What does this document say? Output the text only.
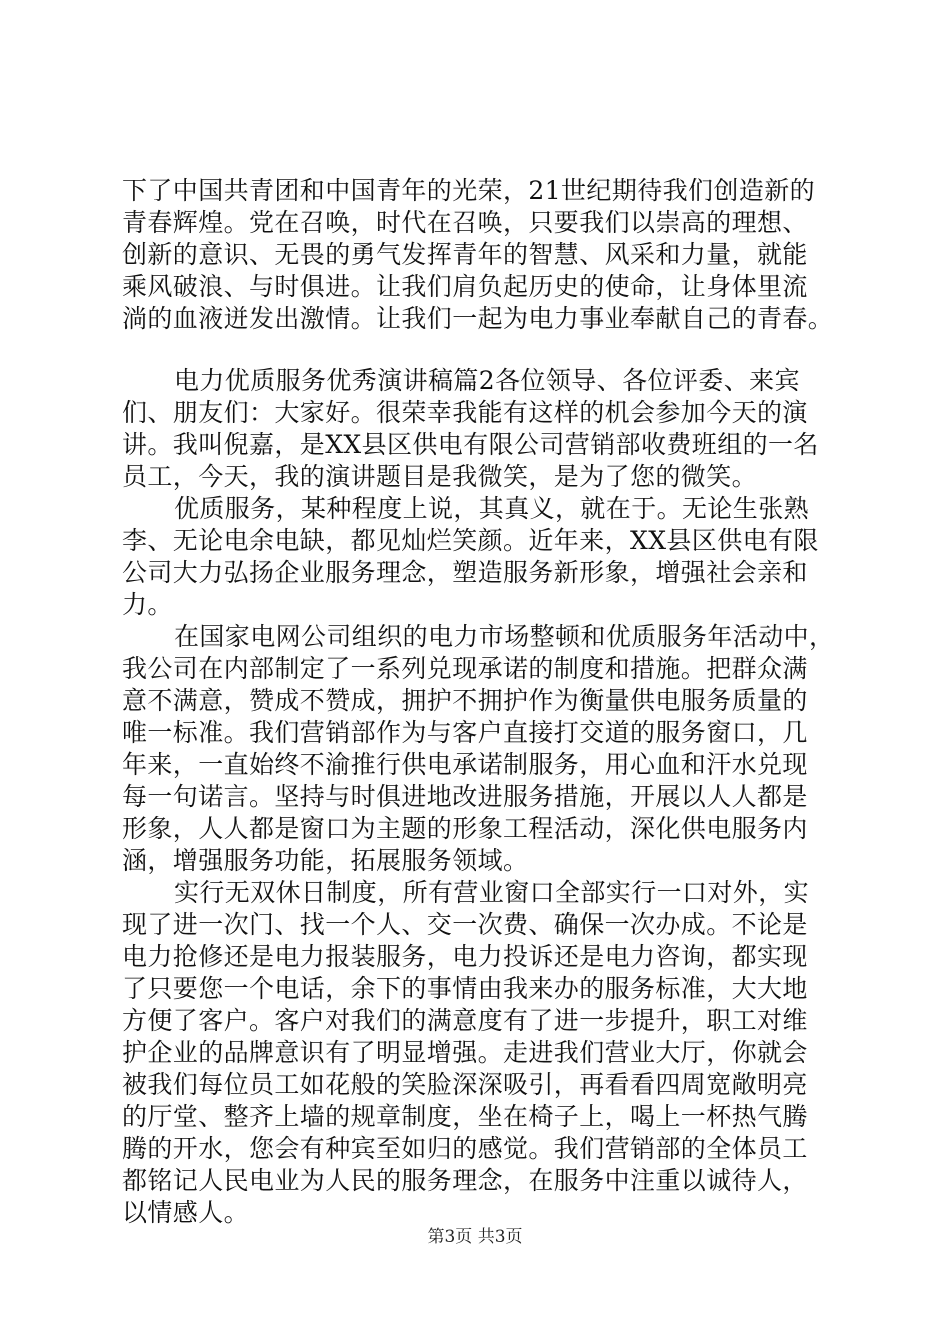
下了中国共青团和中国青年的光荣，21世纪期待我们创造新的
青春辉煌。党在召唤，时代在召唤，只要我们以崇高的理想、
创新的意识、无畏的勇气发挥青年的智慧、风采和力量，就能
乘风破浪、与时俱进。让我们肩负起历史的使命，让身体里流
淌的血液迸发出激情。让我们一起为电力事业奉献自己的青春。
电力优质服务优秀演讲稿篇2各位领导、各位评委、来宾
们、朋友们：大家好。很荣幸我能有这样的机会参加今天的演
讲。我叫倪嘉，是XX县区供电有限公司营销部收费班组的一名
员工，今天，我的演讲题目是我微笑，是为了您的微笑。
优质服务，某种程度上说，其真义，就在于。无论生张熟
李、无论电余电缺，都见灿烂笑颜。近年来，XX县区供电有限
公司大力弘扬企业服务理念，塑造服务新形象，增强社会亲和
力。
在国家电网公司组织的电力市场整顿和优质服务年活动中，
我公司在内部制定了一系列兑现承诺的制度和措施。把群众满
意不满意，赞成不赞成，拥护不拥护作为衡量供电服务质量的
唯一标准。我们营销部作为与客户直接打交道的服务窗口，几
年来，一直始终不渝推行供电承诺制服务，用心血和汗水兑现
每一句诺言。坚持与时俱进地改进服务措施，开展以人人都是
形象，人人都是窗口为主题的形象工程活动，深化供电服务内
涵，增强服务功能，拓展服务领域。
实行无双休日制度，所有营业窗口全部实行一口对外，实
现了进一次门、找一个人、交一次费、确保一次办成。不论是
电力抢修还是电力报装服务，电力投诉还是电力咨询，都实现
了只要您一个电话，余下的事情由我来办的服务标准，大大地
方便了客户。客户对我们的满意度有了进一步提升，职工对维
护企业的品牌意识有了明显增强。走进我们营业大厅，你就会
被我们每位员工如花般的笑脸深深吸引，再看看四周宽敞明亮
的厅堂、整齐上墙的规章制度，坐在椅子上，喝上一杯热气腾
腾的开水，您会有种宾至如归的感觉。我们营销部的全体员工
都铭记人民电业为人民的服务理念，在服务中注重以诚待人，
以情感人。
第3页 共3页
